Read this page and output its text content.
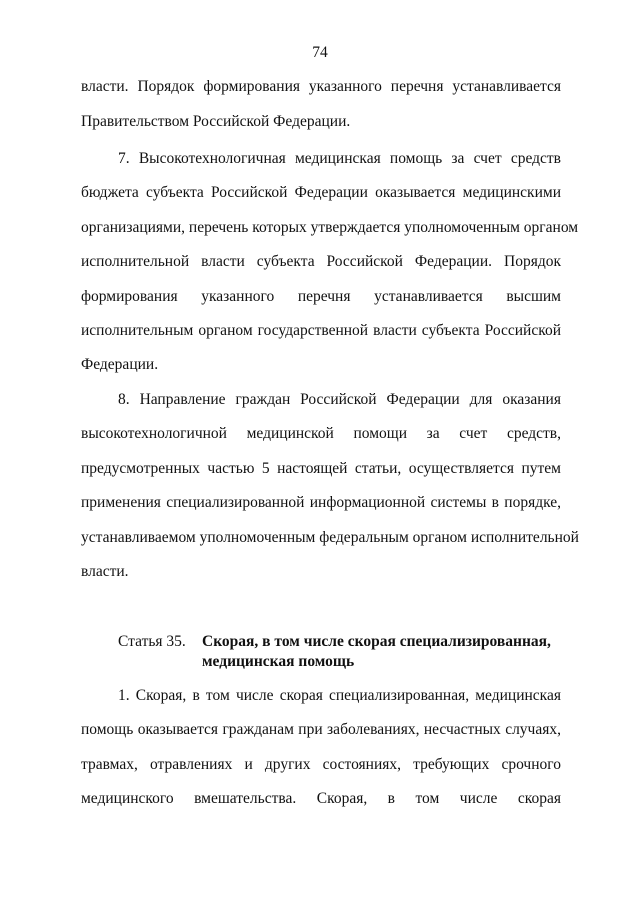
74
власти. Порядок формирования указанного перечня устанавливается
Правительством Российской Федерации.
7. Высокотехнологичная медицинская помощь за счет средств
бюджета субъекта Российской Федерации оказывается медицинскими
организациями, перечень которых утверждается уполномоченным органом
исполнительной власти субъекта Российской Федерации. Порядок
формирования указанного перечня устанавливается высшим
исполнительным органом государственной власти субъекта Российской
Федерации.
8. Направление граждан Российской Федерации для оказания
высокотехнологичной медицинской помощи за счет средств,
предусмотренных частью 5 настоящей статьи, осуществляется путем
применения специализированной информационной системы в порядке,
устанавливаемом уполномоченным федеральным органом исполнительной
власти.
Статья 35. Скорая, в том числе скорая специализированная,
медицинская помощь
1. Скорая, в том числе скорая специализированная, медицинская
помощь оказывается гражданам при заболеваниях, несчастных случаях,
травмах, отравлениях и других состояниях, требующих срочного
медицинского вмешательства. Скорая, в том числе скорая
